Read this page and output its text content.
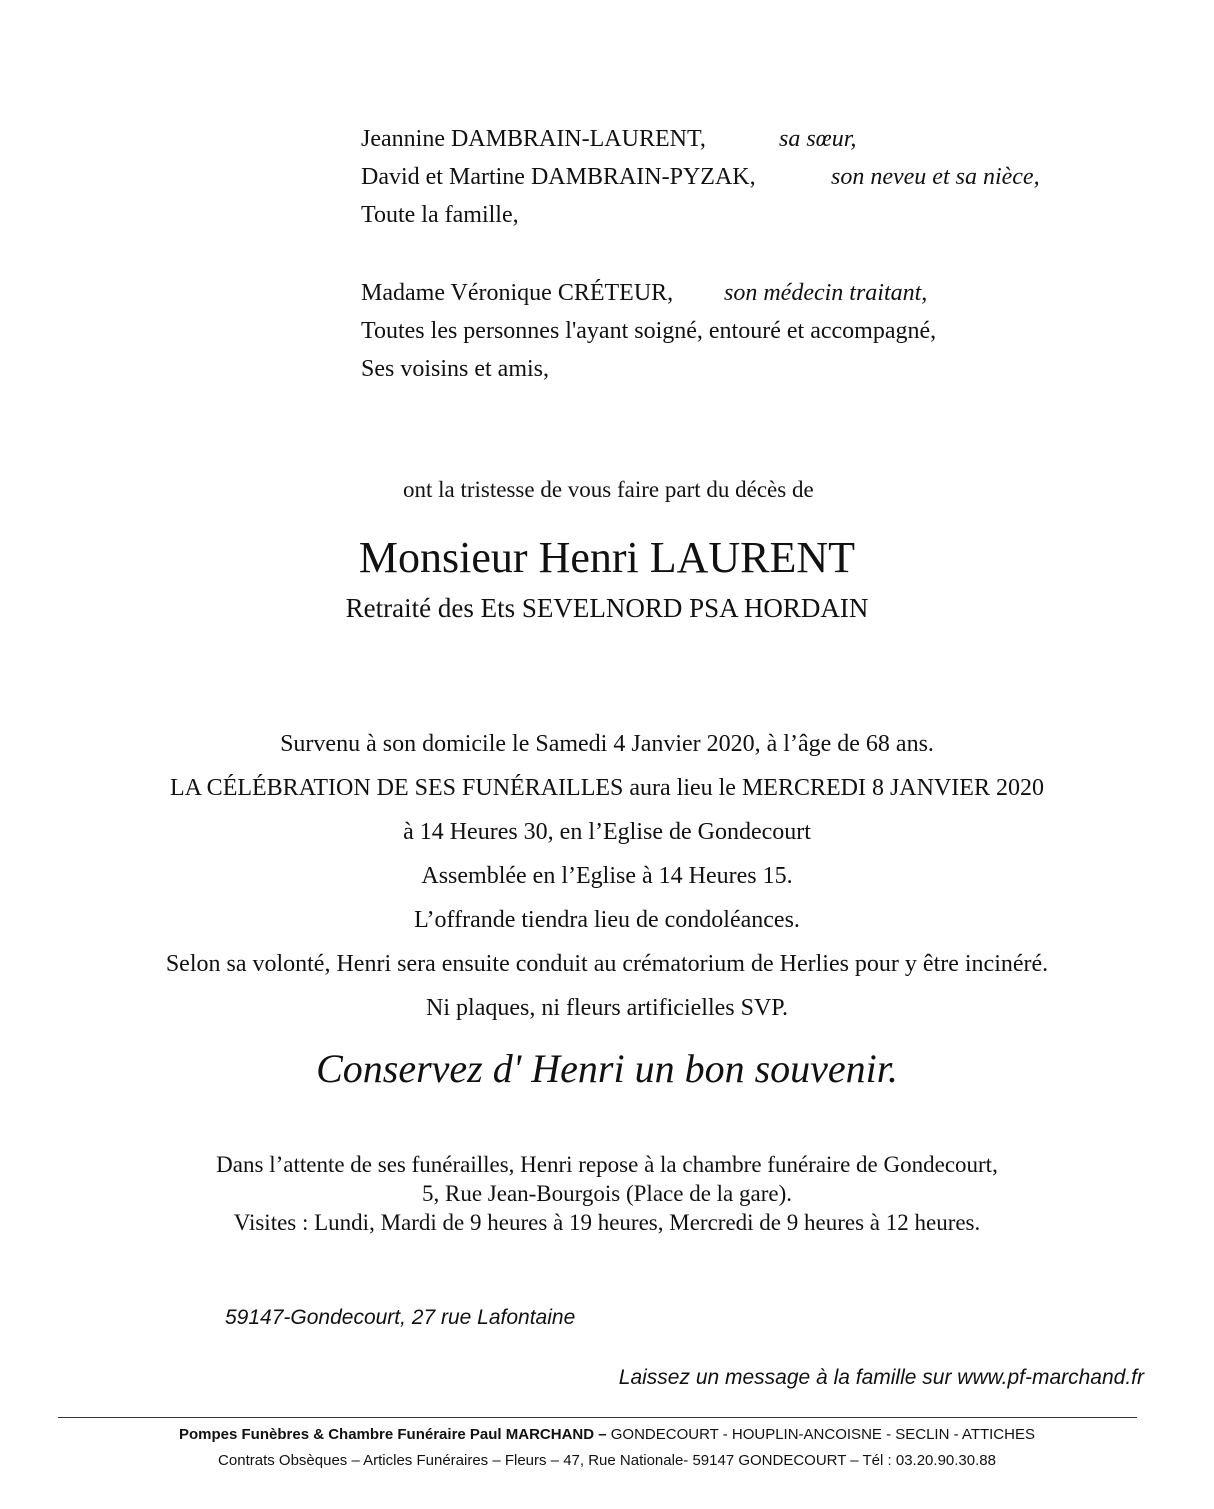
Jeannine DAMBRAIN-LAURENT,	sa sœur,
David et Martine DAMBRAIN-PYZAK,	son neveu et sa nièce,
Toute la famille,
Madame Véronique CRÉTEUR, son médecin traitant,
Toutes les personnes l'ayant soigné, entouré et accompagné,
Ses voisins et amis,
ont la tristesse de vous faire part du décès de
Monsieur Henri LAURENT
Retraité des Ets SEVELNORD PSA HORDAIN
Survenu à son domicile le Samedi 4 Janvier 2020, à l’âge de 68 ans.
LA CÉLÉBRATION DE SES FUNÉRAILLES aura lieu le MERCREDI 8 JANVIER 2020
à 14 Heures 30, en l’Eglise de Gondecourt
Assemblée en l’Eglise à 14 Heures 15.
L’offrande tiendra lieu de condoléances.
Selon sa volonté, Henri sera ensuite conduit au crématorium de Herlies pour y être incinéré.
Ni plaques, ni fleurs artificielles SVP.
Conservez d' Henri un bon souvenir.
Dans l’attente de ses funérailles, Henri repose à la chambre funéraire de Gondecourt,
5, Rue Jean-Bourgois (Place de la gare).
Visites : Lundi, Mardi de 9 heures à 19 heures, Mercredi de 9 heures à 12 heures.
59147-Gondecourt, 27 rue Lafontaine
Laissez un message à la famille sur www.pf-marchand.fr
Pompes Funèbres & Chambre Funéraire Paul MARCHAND – GONDECOURT - HOUPLIN-ANCOISNE - SECLIN - ATTICHES
Contrats Obsèques – Articles Funéraires – Fleurs – 47, Rue Nationale- 59147 GONDECOURT – Tél : 03.20.90.30.88
